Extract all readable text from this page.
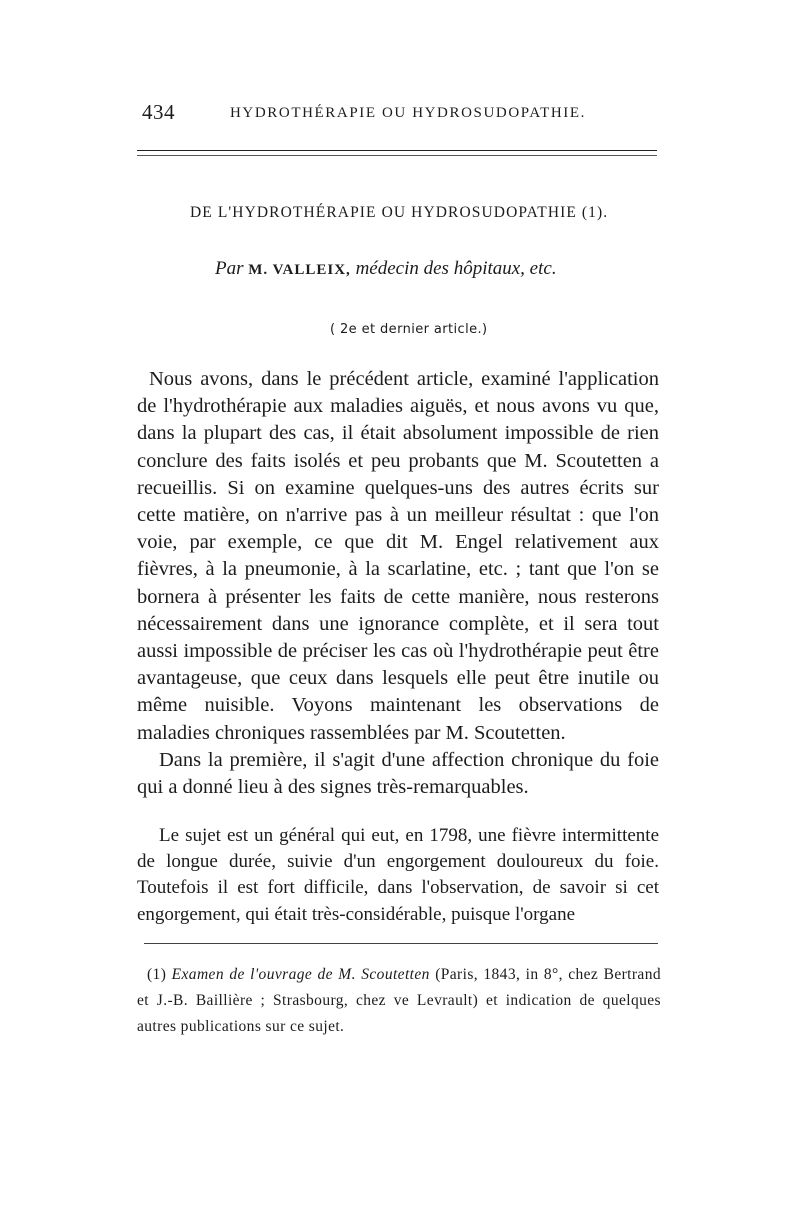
434	HYDROTHÉRAPIE OU HYDROSUDOPATHIE.
DE L'HYDROTHÉRAPIE OU HYDROSUDOPATHIE (1).
Par M. VALLEIX, médecin des hôpitaux, etc.
( 2e et dernier article.)

Nous avons, dans le précédent article, examiné l'application de l'hydrothérapie aux maladies aiguës, et nous avons vu que, dans la plupart des cas, il était absolument impossible de rien conclure des faits isolés et peu probants que M. Scoutetten a recueillis. Si on examine quelques-uns des autres écrits sur cette matière, on n'arrive pas à un meilleur résultat : que l'on voie, par exemple, ce que dit M. Engel relativement aux fièvres, à la pneumonie, à la scarlatine, etc. ; tant que l'on se bornera à présenter les faits de cette manière, nous resterons nécessairement dans une ignorance complète, et il sera tout aussi impossible de préciser les cas où l'hydrothérapie peut être avantageuse, que ceux dans lesquels elle peut être inutile ou même nuisible. Voyons maintenant les observations de maladies chroniques rassemblées par M. Scoutetten.

Dans la première, il s'agit d'une affection chronique du foie qui a donné lieu à des signes très-remarquables.

Le sujet est un général qui eut, en 1798, une fièvre intermittente de longue durée, suivie d'un engorgement douloureux du foie. Toutefois il est fort difficile, dans l'observation, de savoir si cet engorgement, qui était très-considérable, puisque l'organe

(1) Examen de l'ouvrage de M. Scoutetten (Paris, 1843, in 8°, chez Bertrand et J.-B. Baillière ; Strasbourg, chez ve Levrault) et indication de quelques autres publications sur ce sujet.
